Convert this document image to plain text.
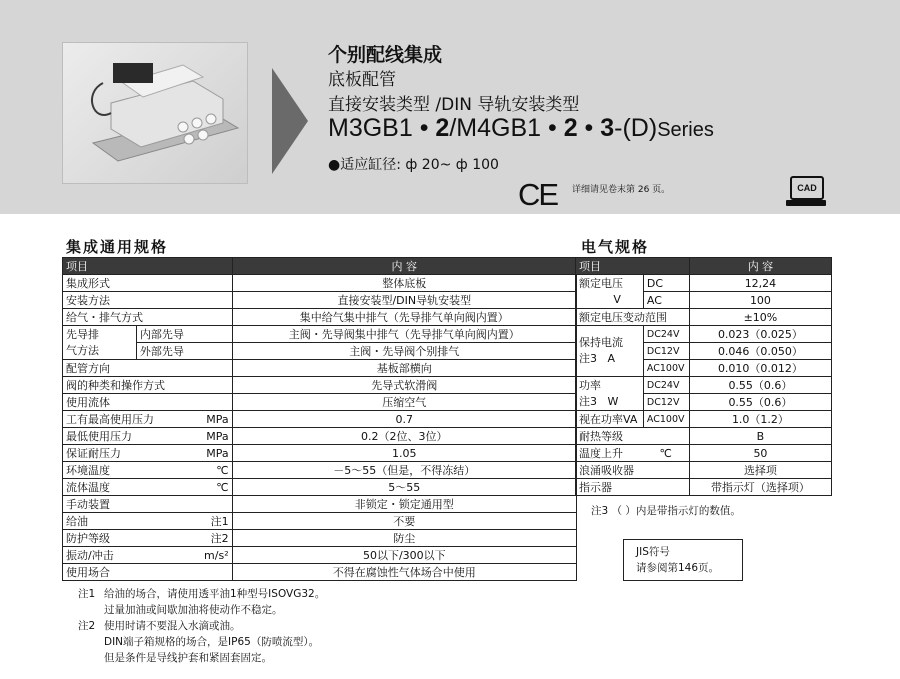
个别配线集成
底板配管
直接安装类型 /DIN 导轨安装类型
M3GB1 • 2/M4GB1 • 2 • 3-(D)Series
●适应缸径: ф 20~ ф 100
CE 详细请见卷末第 26 页。	CAD
集成通用规格
项目		内 容
集成形式		整体底板
安装方法		直接安装型/DIN导轨安装型
给气・排气方式		集中给气集中排气（先导排气单向阀内置）
先导排
气方法	内部先导	主阀・先导阀集中排气（先导排气单向阀内置）
	外部先导	主阀・先导阀个别排气

配管方向		基板部横向

阀的种类和操作方式		先导式软滑阀

使用流体		压缩空气

工有最高使用压力 MPa		0.7

最低使用压力 MPa		0.2（2位、3位）

保证耐压力 MPa		1.05

环境温度 ℃		－5～55（但是，不得冻结）

流体温度 ℃		5～55

手动装置		非锁定・锁定通用型

给油 注1		不要

防护等级 注2		防尘

振动/冲击 m/s²		50以下/300以下

使用场合		不得在腐蚀性气体场合中使用
注1 给油的场合，请使用透平油1种型号ISOVG32。
过量加油或间歇加油将使动作不稳定。
注2 使用时请不要混入水滴或油。
DIN端子箱规格的场合，是IP65（防喷流型）。
但是条件是导线护套和紧固套固定。
电气规格
项目		内 容
额定电压	DC	12,24
V	AC	100
额定电压变动范围		±10%
保持电流
注3 A	DC24V	0.023（0.025）
	DC12V	0.046（0.050）
	AC100V	0.010（0.012）
功率
注3 W	DC24V	0.55（0.6）
	DC12V	0.55（0.6）
视在功率VA	AC100V	1.0（1.2）
耐热等级		B

温度上升 ℃		50
浪涌吸收器		选择项
指示器		带指示灯（选择项）
注3 （ ）内是带指示灯的数值。
JIS符号
请参阅第146页。
